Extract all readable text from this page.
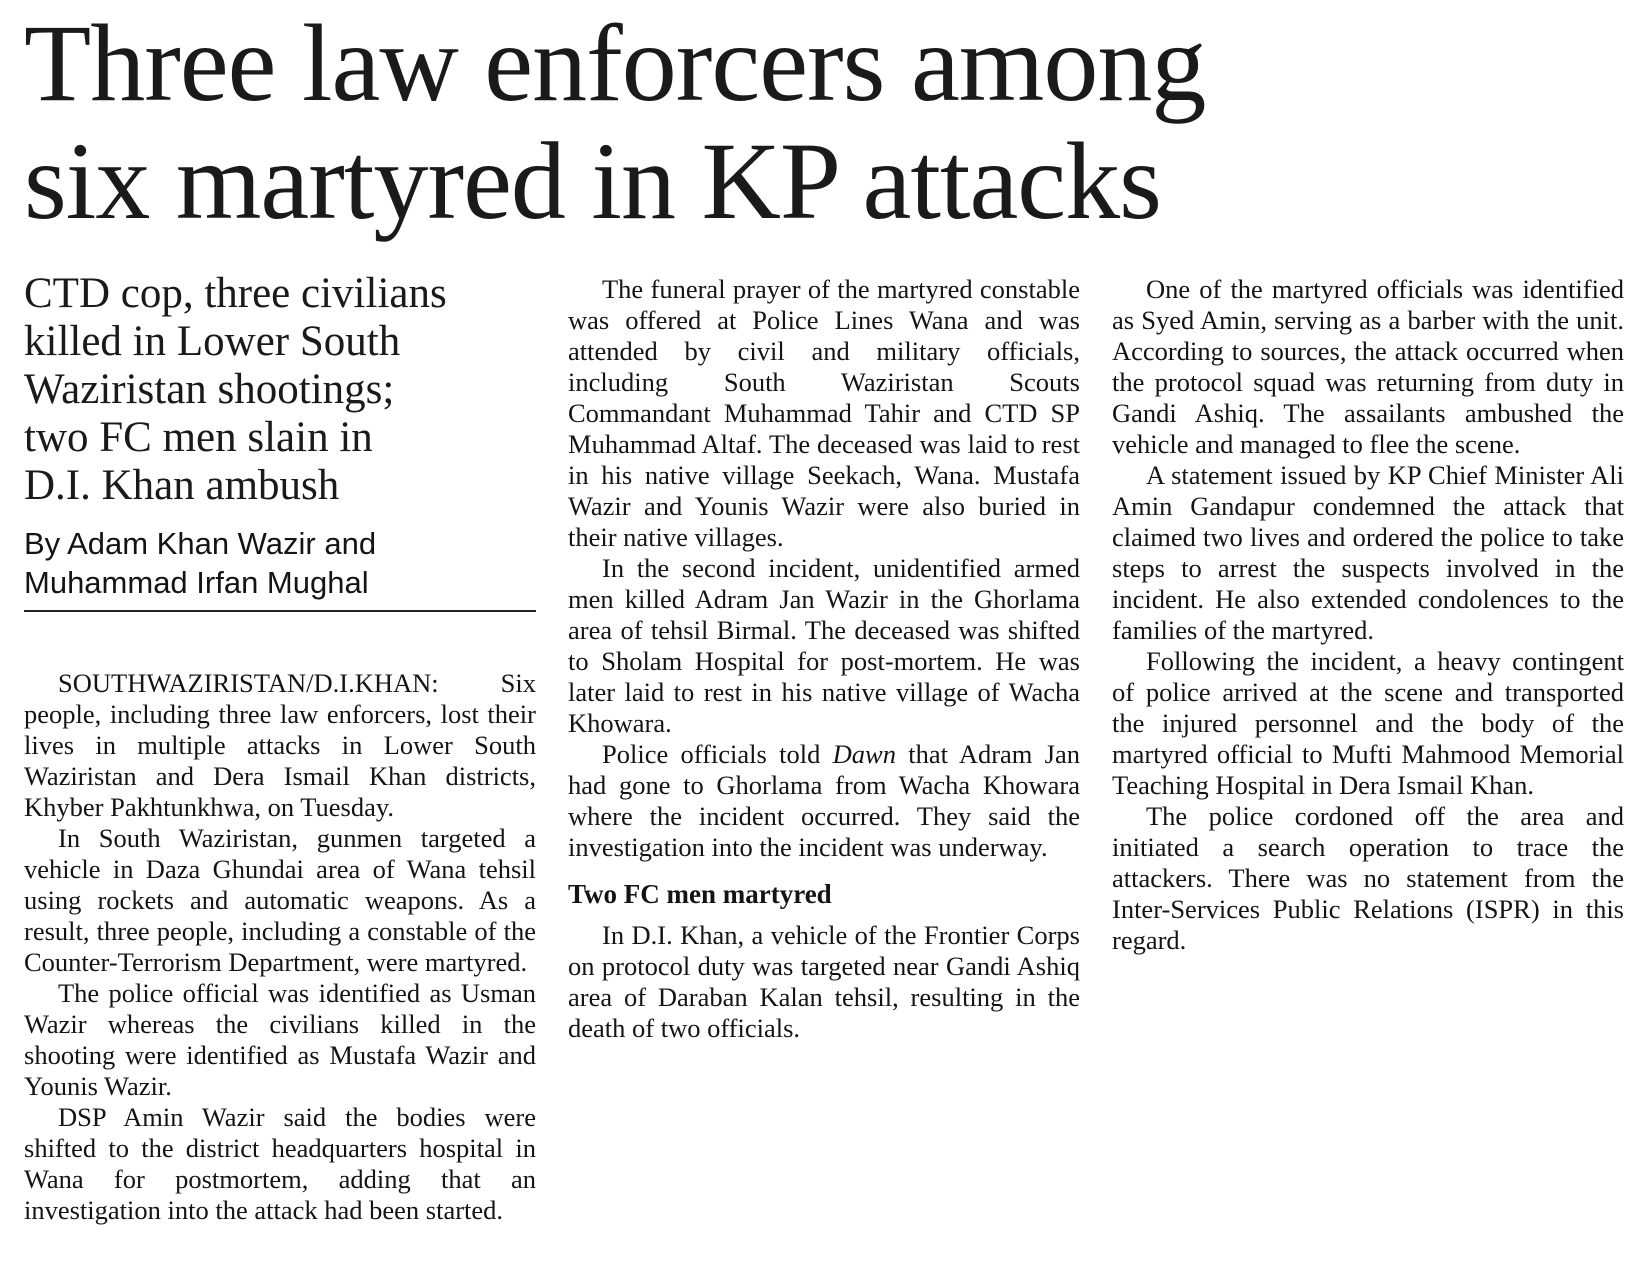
Three law enforcers among
six martyred in KP attacks
CTD cop, three civilians
killed in Lower South
Waziristan shootings;
two FC men slain in
D.I. Khan ambush
By Adam Khan Wazir and
Muhammad Irfan Mughal

SOUTHWAZIRISTAN/D.I.KHAN: Six people, including three law enforcers, lost their lives in multiple attacks in Lower South Waziristan and Dera Ismail Khan districts, Khyber Pakhtunkhwa, on Tuesday.

In South Waziristan, gunmen targeted a vehicle in Daza Ghundai area of Wana tehsil using rockets and automatic weapons. As a result, three people, including a constable of the Counter-Terrorism Department, were martyred.

The police official was identified as Usman Wazir whereas the civilians killed in the shooting were identified as Mustafa Wazir and Younis Wazir.

DSP Amin Wazir said the bodies were shifted to the district headquarters hospital in Wana for postmortem, adding that an investigation into the attack had been started.

The funeral prayer of the martyred constable was offered at Police Lines Wana and was attended by civil and military officials, including South Waziristan Scouts Commandant Muhammad Tahir and CTD SP Muhammad Altaf. The deceased was laid to rest in his native village Seekach, Wana. Mustafa Wazir and Younis Wazir were also buried in their native villages.

In the second incident, unidentified armed men killed Adram Jan Wazir in the Ghorlama area of tehsil Birmal. The deceased was shifted to Sholam Hospital for post-mortem. He was later laid to rest in his native village of Wacha Khowara.

Police officials told Dawn that Adram Jan had gone to Ghorlama from Wacha Khowara where the incident occurred. They said the investigation into the incident was underway.

Two FC men martyred

In D.I. Khan, a vehicle of the Frontier Corps on protocol duty was targeted near Gandi Ashiq area of Daraban Kalan tehsil, resulting in the death of two officials.

One of the martyred officials was identified as Syed Amin, serving as a barber with the unit. According to sources, the attack occurred when the protocol squad was returning from duty in Gandi Ashiq. The assailants ambushed the vehicle and managed to flee the scene.

A statement issued by KP Chief Minister Ali Amin Gandapur condemned the attack that claimed two lives and ordered the police to take steps to arrest the suspects involved in the incident. He also extended condolences to the families of the martyred.

Following the incident, a heavy contingent of police arrived at the scene and transported the injured personnel and the body of the martyred official to Mufti Mahmood Memorial Teaching Hospital in Dera Ismail Khan.

The police cordoned off the area and initiated a search operation to trace the attackers. There was no statement from the Inter-Services Public Relations (ISPR) in this regard.
